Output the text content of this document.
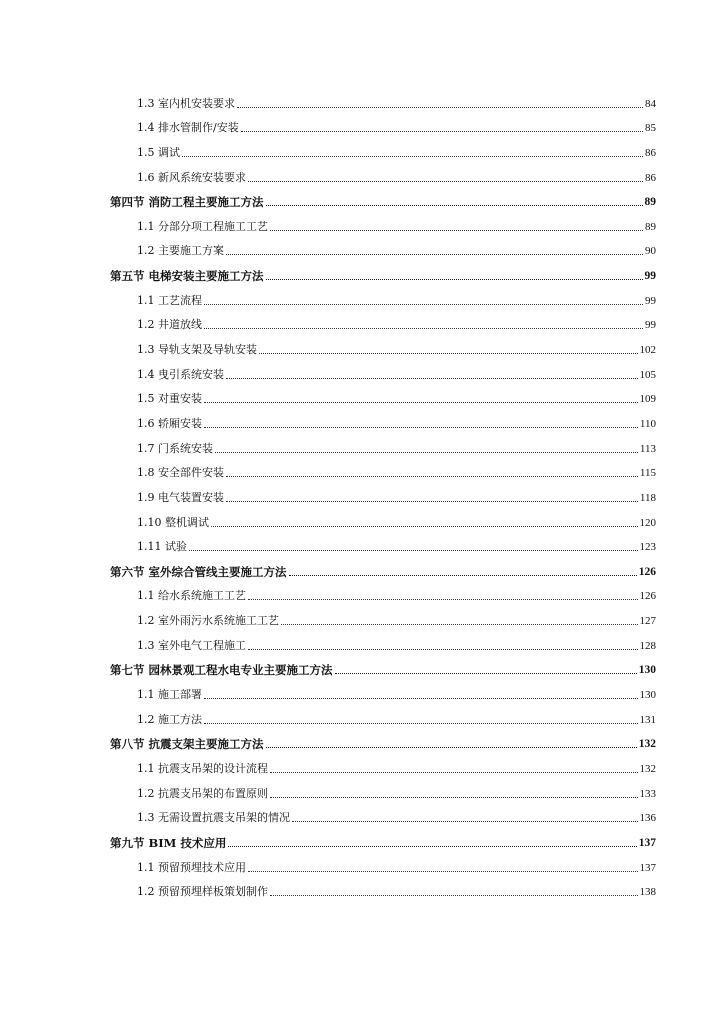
1.3 室内机安装要求	84
1.4 排水管制作/安装	85
1.5 调试	86
1.6 新风系统安装要求	86
第四节 消防工程主要施工方法	89
1.1 分部分项工程施工工艺	89
1.2 主要施工方案	90
第五节 电梯安装主要施工方法	99
1.1 工艺流程	99
1.2 井道放线	99
1.3 导轨支架及导轨安装	102
1.4 曳引系统安装	105
1.5 对重安装	109
1.6 轿厢安装	110
1.7 门系统安装	113
1.8 安全部件安装	115
1.9 电气装置安装	118
1.10 整机调试	120
1.11 试验	123
第六节 室外综合管线主要施工方法	126
1.1 给水系统施工工艺	126
1.2 室外雨污水系统施工工艺	127
1.3 室外电气工程施工	128
第七节 园林景观工程水电专业主要施工方法	130
1.1 施工部署	130
1.2 施工方法	131
第八节 抗震支架主要施工方法	132
1.1 抗震支吊架的设计流程	132
1.2 抗震支吊架的布置原则	133
1.3 无需设置抗震支吊架的情况	136
第九节 BIM 技术应用	137
1.1 预留预埋技术应用	137
1.2 预留预埋样板策划制作	138
